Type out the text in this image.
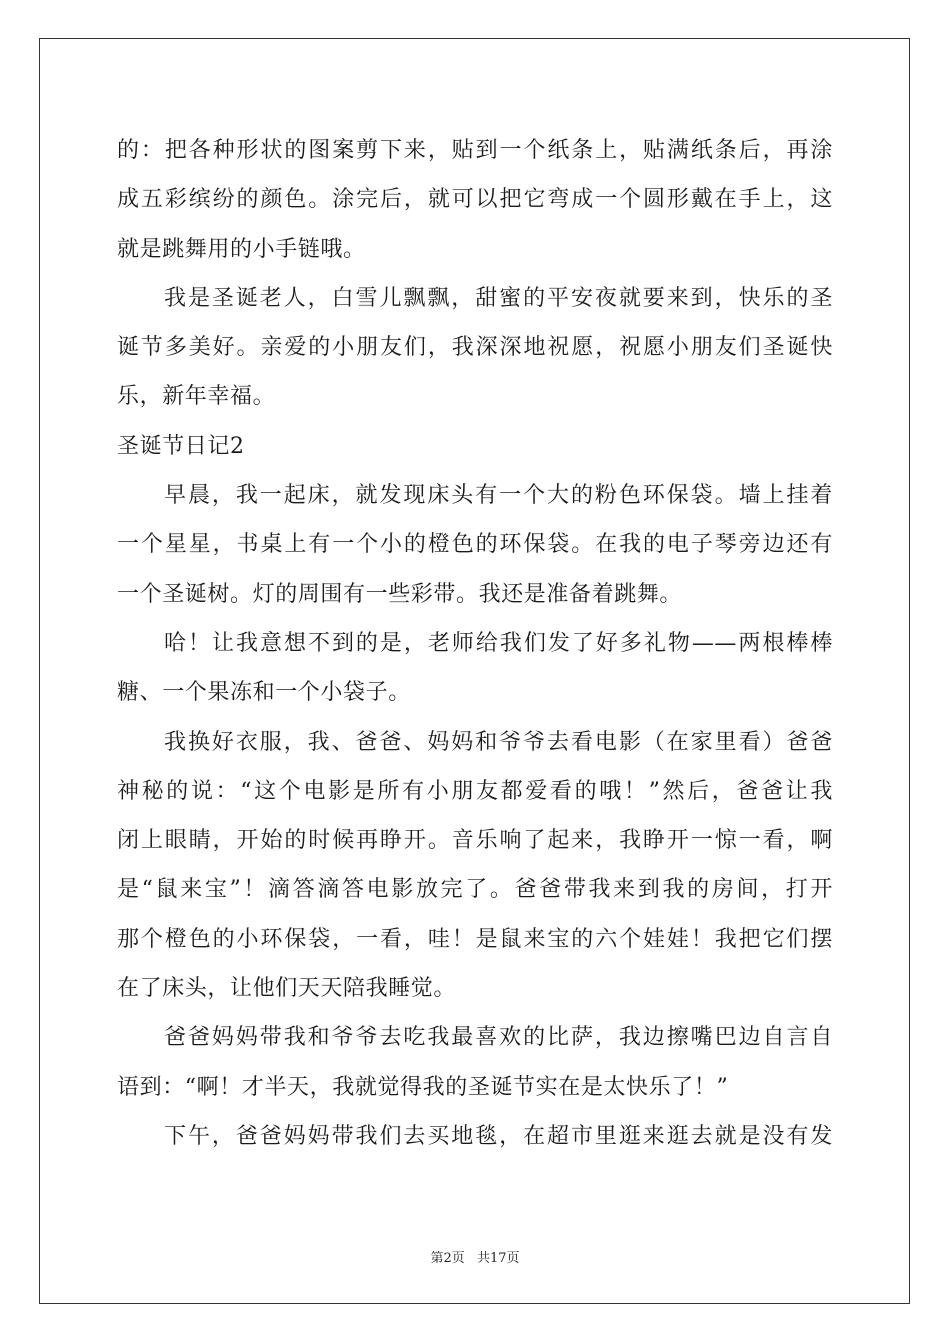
的：把各种形状的图案剪下来，贴到一个纸条上，贴满纸条后，再涂
成五彩缤纷的颜色。涂完后，就可以把它弯成一个圆形戴在手上，这
就是跳舞用的小手链哦。
我是圣诞老人，白雪儿飘飘，甜蜜的平安夜就要来到，快乐的圣
诞节多美好。亲爱的小朋友们，我深深地祝愿，祝愿小朋友们圣诞快
乐，新年幸福。
圣诞节日记2
早晨，我一起床，就发现床头有一个大的粉色环保袋。墙上挂着
一个星星，书桌上有一个小的橙色的环保袋。在我的电子琴旁边还有
一个圣诞树。灯的周围有一些彩带。我还是准备着跳舞。
哈！让我意想不到的是，老师给我们发了好多礼物——两根棒棒
糖、一个果冻和一个小袋子。
我换好衣服，我、爸爸、妈妈和爷爷去看电影（在家里看）爸爸
神秘的说：“这个电影是所有小朋友都爱看的哦！”然后，爸爸让我
闭上眼睛，开始的时候再睁开。音乐响了起来，我睁开一惊一看，啊
是“鼠来宝”！滴答滴答电影放完了。爸爸带我来到我的房间，打开
那个橙色的小环保袋，一看，哇！是鼠来宝的六个娃娃！我把它们摆
在了床头，让他们天天陪我睡觉。
爸爸妈妈带我和爷爷去吃我最喜欢的比萨，我边擦嘴巴边自言自
语到：“啊！才半天，我就觉得我的圣诞节实在是太快乐了！”
下午，爸爸妈妈带我们去买地毯，在超市里逛来逛去就是没有发
第2页 共17页
